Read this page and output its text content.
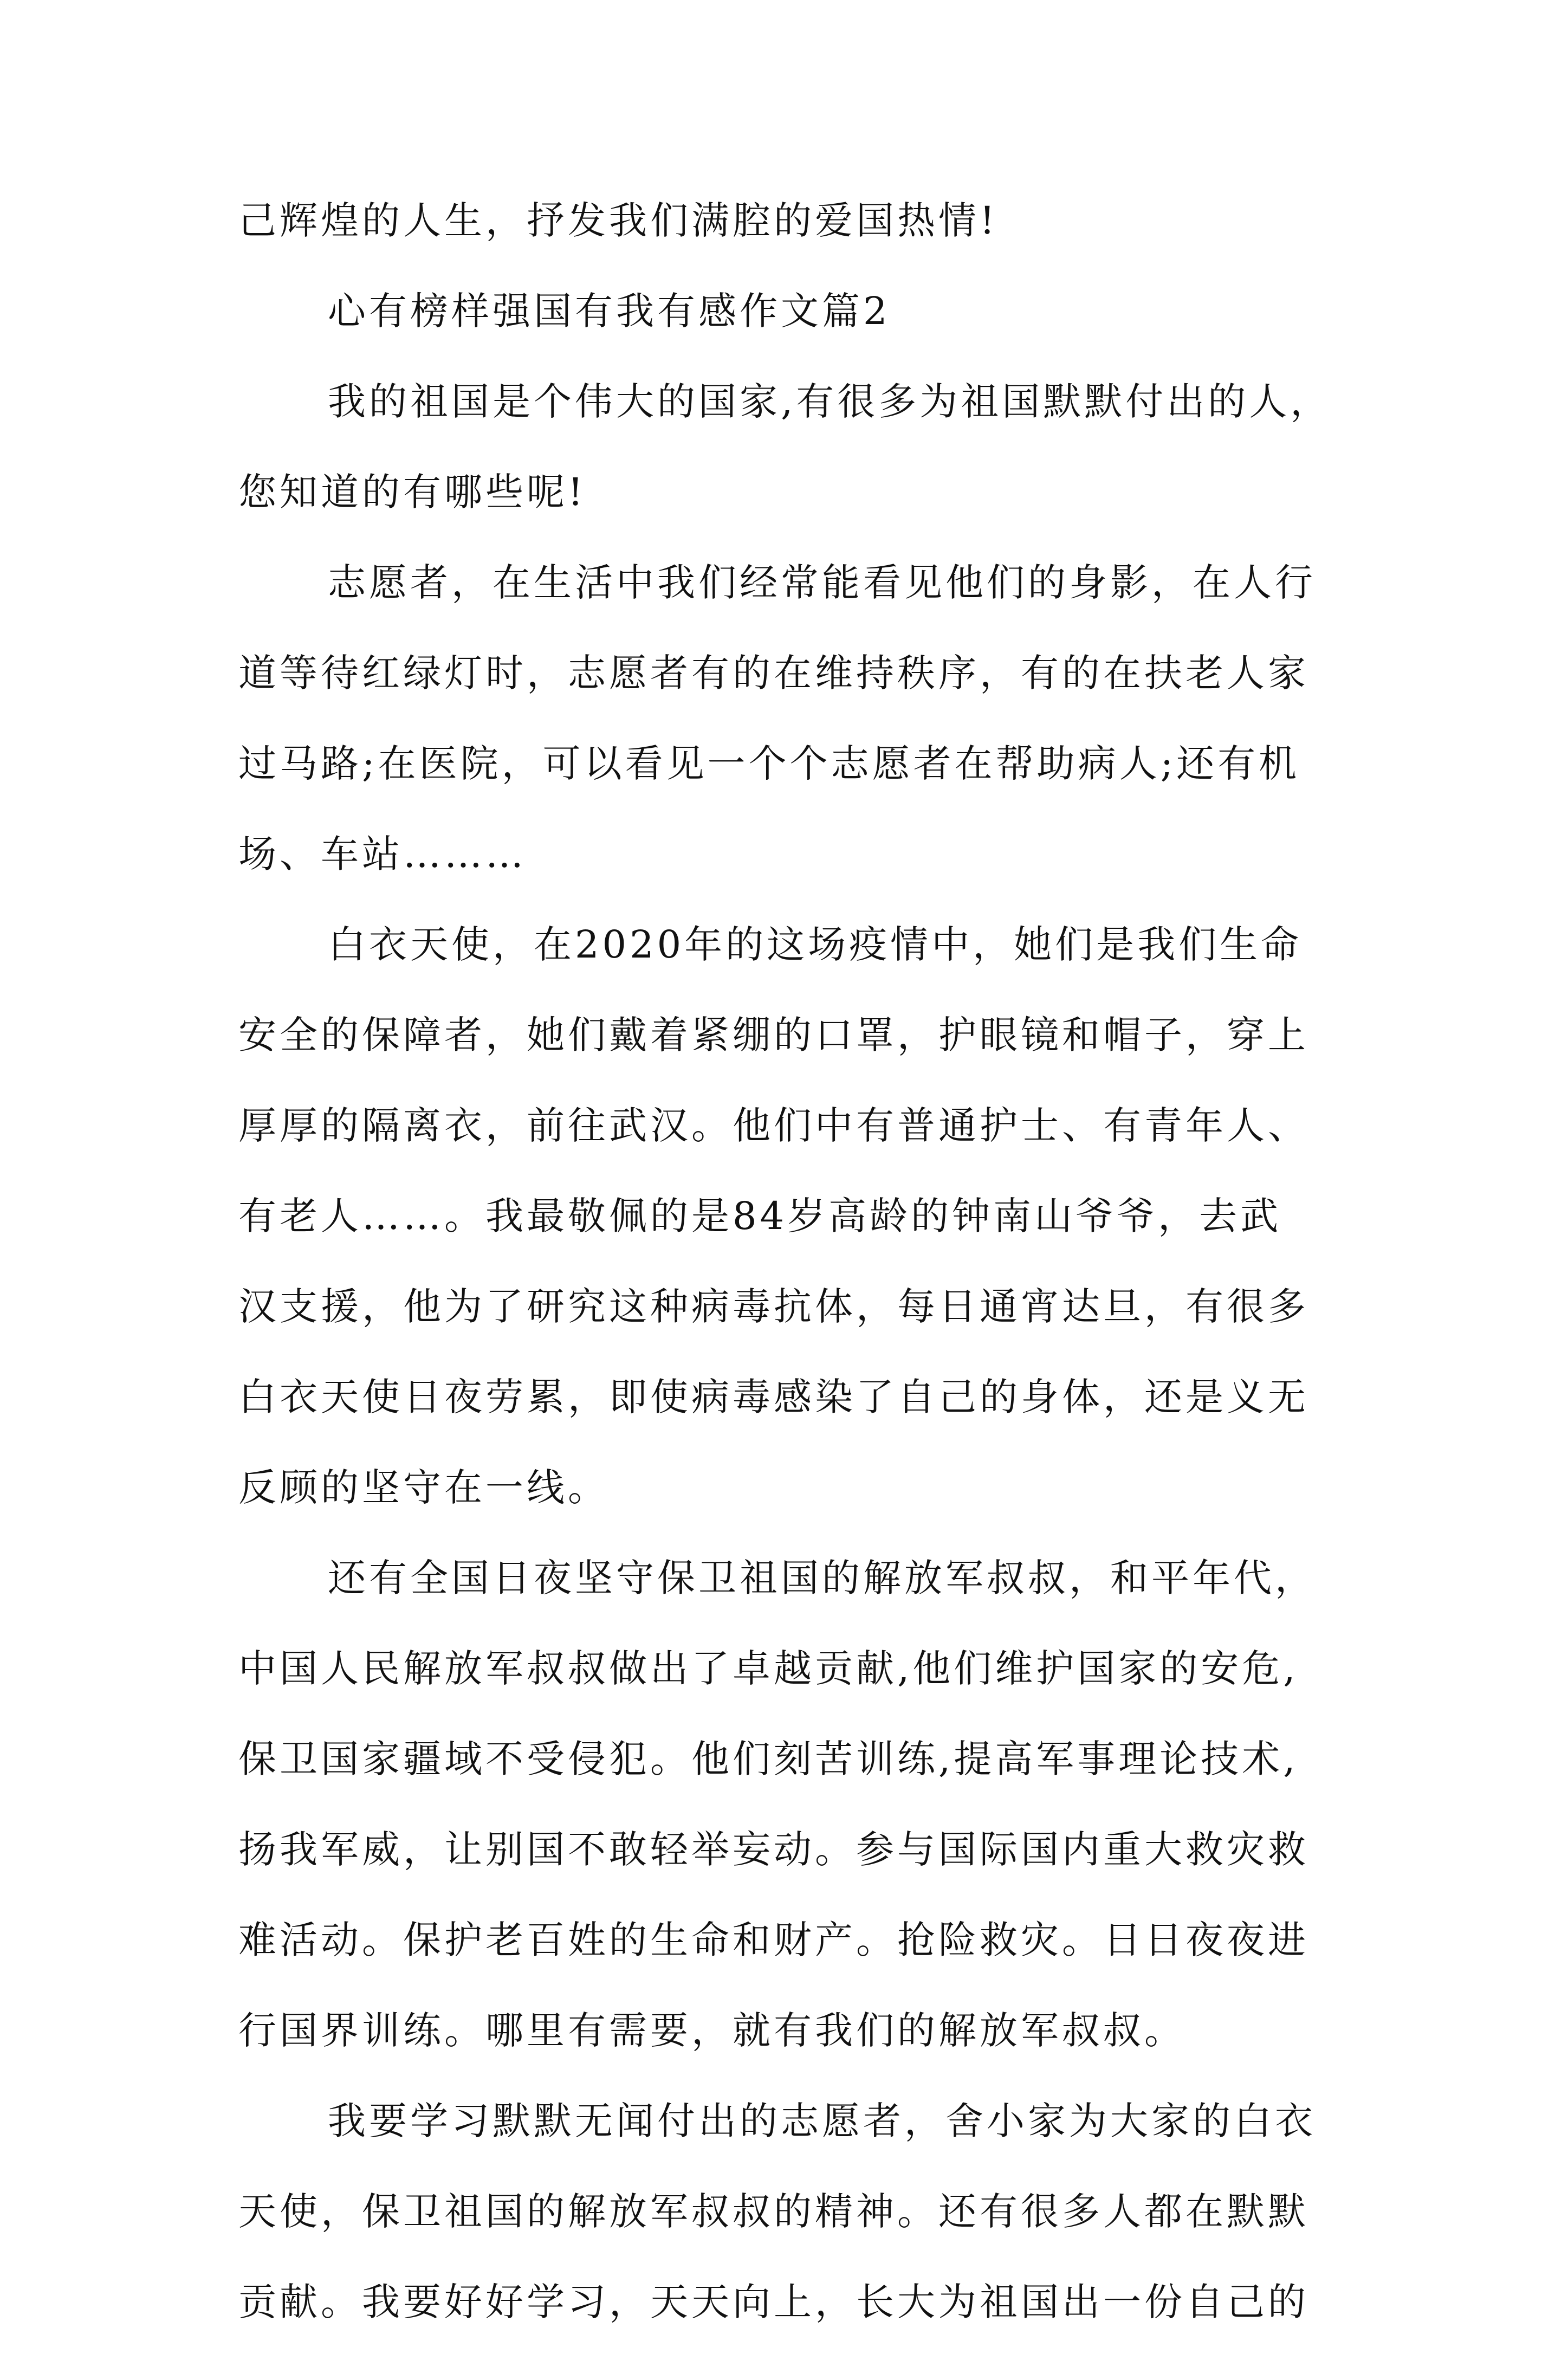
己辉煌的人生，抒发我们满腔的爱国热情!
心有榜样强国有我有感作文篇2
我的祖国是个伟大的国家,有很多为祖国默默付出的人，
您知道的有哪些呢!
志愿者，在生活中我们经常能看见他们的身影，在人行
道等待红绿灯时，志愿者有的在维持秩序，有的在扶老人家
过马路;在医院，可以看见一个个志愿者在帮助病人;还有机
场、车站………
白衣天使，在2020年的这场疫情中，她们是我们生命
安全的保障者，她们戴着紧绷的口罩，护眼镜和帽子，穿上
厚厚的隔离衣，前往武汉。他们中有普通护士、有青年人、
有老人……。我最敬佩的是84岁高龄的钟南山爷爷，去武
汉支援，他为了研究这种病毒抗体，每日通宵达旦，有很多
白衣天使日夜劳累，即使病毒感染了自己的身体，还是义无
反顾的坚守在一线。
还有全国日夜坚守保卫祖国的解放军叔叔，和平年代，
中国人民解放军叔叔做出了卓越贡献,他们维护国家的安危,
保卫国家疆域不受侵犯。他们刻苦训练,提高军事理论技术,
扬我军威，让别国不敢轻举妄动。参与国际国内重大救灾救
难活动。保护老百姓的生命和财产。抢险救灾。日日夜夜进
行国界训练。哪里有需要，就有我们的解放军叔叔。
我要学习默默无闻付出的志愿者，舍小家为大家的白衣
天使，保卫祖国的解放军叔叔的精神。还有很多人都在默默
贡献。我要好好学习，天天向上，长大为祖国出一份自己的
